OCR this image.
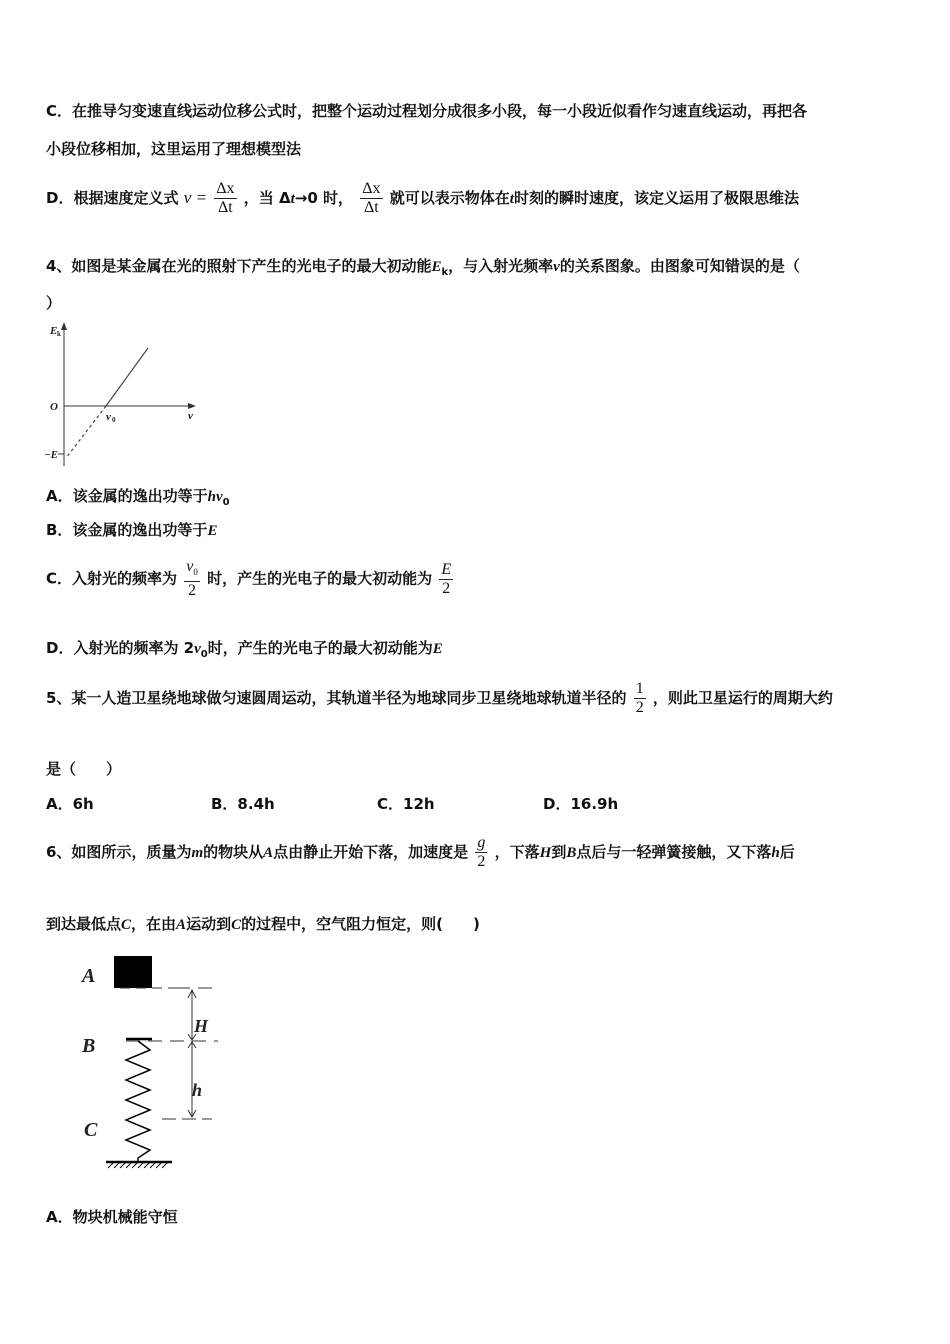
C．在推导匀变速直线运动位移公式时，把整个运动过程划分成很多小段，每一小段近似看作匀速直线运动，再把各
小段位移相加，这里运用了理想模型法
D．根据速度定义式 $v = \frac{\Delta x}{\Delta t}$ ，当 Δt→0 时， $\frac{\Delta x}{\Delta t}$ 就可以表示物体在t时刻的瞬时速度，该定义运用了极限思维法
4、如图是某金属在光的照射下产生的光电子的最大初动能$E_k$，与入射光频率v的关系图象。由图象可知错误的是（
）
E k
O
ν
ν 0
−E
A．该金属的逸出功等于$hv_0$
B．该金属的逸出功等于E
C．入射光的频率为 $\frac{v_0}{2}$ 时，产生的光电子的最大初动能为 $\frac{E}{2}$
D．入射光的频率为 $2v_0$时，产生的光电子的最大初动能为E
5、某一人造卫星绕地球做匀速圆周运动，其轨道半径为地球同步卫星绕地球轨道半径的 $\frac{1}{2}$ ，则此卫星运行的周期大约
是（　　）
A．6h	B．8.4h	C．12h	D．16.9h
6、如图所示，质量为m的物块从A点由静止开始下落，加速度是 $\frac{g}{2}$ ，下落H到B点后与一轻弹簧接触，又下落h后
到达最低点C，在由A运动到C的过程中，空气阻力恒定，则(　　)
A
B
C
H
h
A．物块机械能守恒
